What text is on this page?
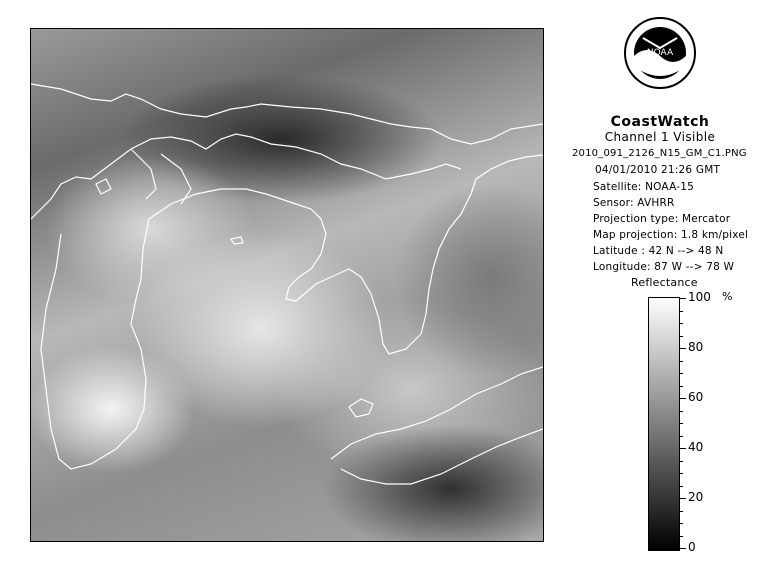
NOAA
CoastWatch
Channel 1 Visible
2010_091_2126_N15_GM_C1.PNG
04/01/2010 21:26 GMT
Satellite: NOAA-15
Sensor: AVHRR
Projection type: Mercator
Map projection: 1.8 km/pixel
Latitude : 42 N --> 48 N
Longitude: 87 W --> 78 W
Reflectance
%
100
80
60
40
20
0
